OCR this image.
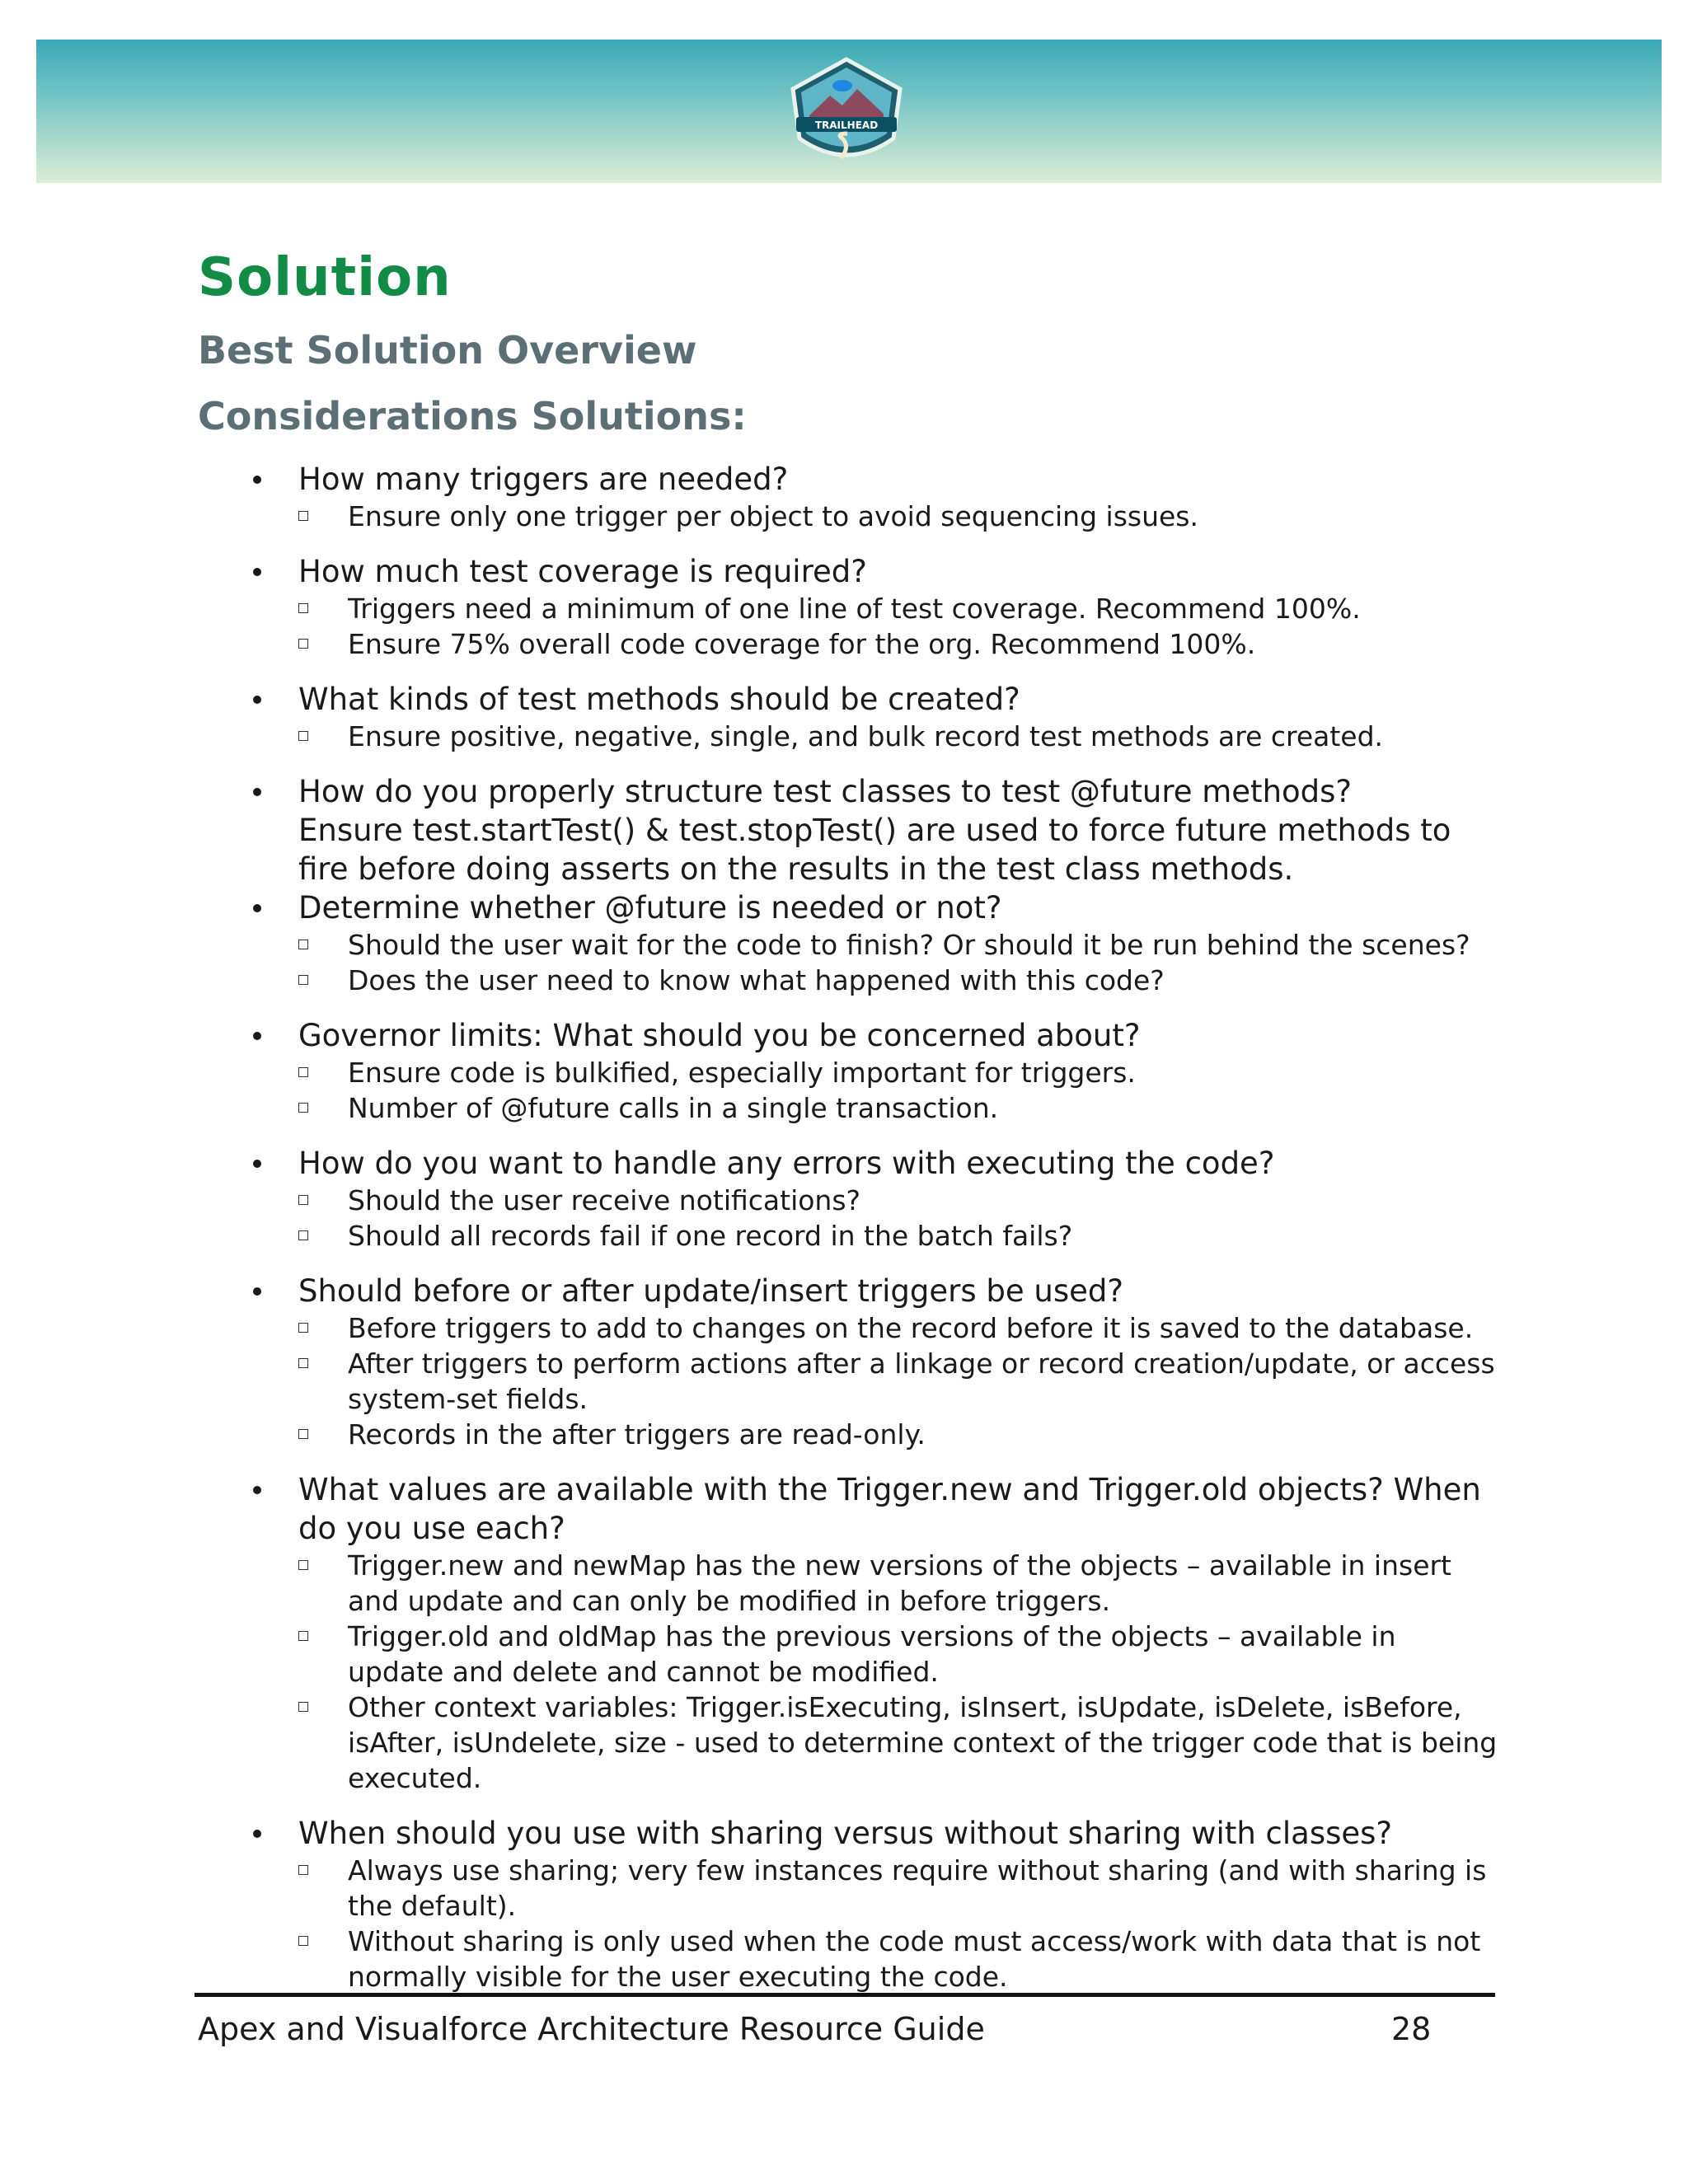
TRAILHEAD
Solution
Best Solution Overview
Considerations Solutions:
How many triggers are needed?
Ensure only one trigger per object to avoid sequencing issues.
How much test coverage is required?
Triggers need a minimum of one line of test coverage. Recommend 100%.
Ensure 75% overall code coverage for the org. Recommend 100%.
What kinds of test methods should be created?
Ensure positive, negative, single, and bulk record test methods are created.
How do you properly structure test classes to test @future methods?
Ensure test.startTest() & test.stopTest() are used to force future methods to fire before doing asserts on the results in the test class methods.
Determine whether @future is needed or not?
Should the user wait for the code to finish? Or should it be run behind the scenes?
Does the user need to know what happened with this code?
Governor limits: What should you be concerned about?
Ensure code is bulkified, especially important for triggers.
Number of @future calls in a single transaction.
How do you want to handle any errors with executing the code?
Should the user receive notifications?
Should all records fail if one record in the batch fails?
Should before or after update/insert triggers be used?
Before triggers to add to changes on the record before it is saved to the database.
After triggers to perform actions after a linkage or record creation/update, or access system-set fields.
Records in the after triggers are read-only.
What values are available with the Trigger.new and Trigger.old objects? When do you use each?
Trigger.new and newMap has the new versions of the objects – available in insert and update and can only be modified in before triggers.
Trigger.old and oldMap has the previous versions of the objects – available in update and delete and cannot be modified.
Other context variables: Trigger.isExecuting, isInsert, isUpdate, isDelete, isBefore, isAfter, isUndelete, size - used to determine context of the trigger code that is being executed.
When should you use with sharing versus without sharing with classes?
Always use sharing; very few instances require without sharing (and with sharing is the default).
Without sharing is only used when the code must access/work with data that is not normally visible for the user executing the code.
Apex and Visualforce Architecture Resource Guide	28
